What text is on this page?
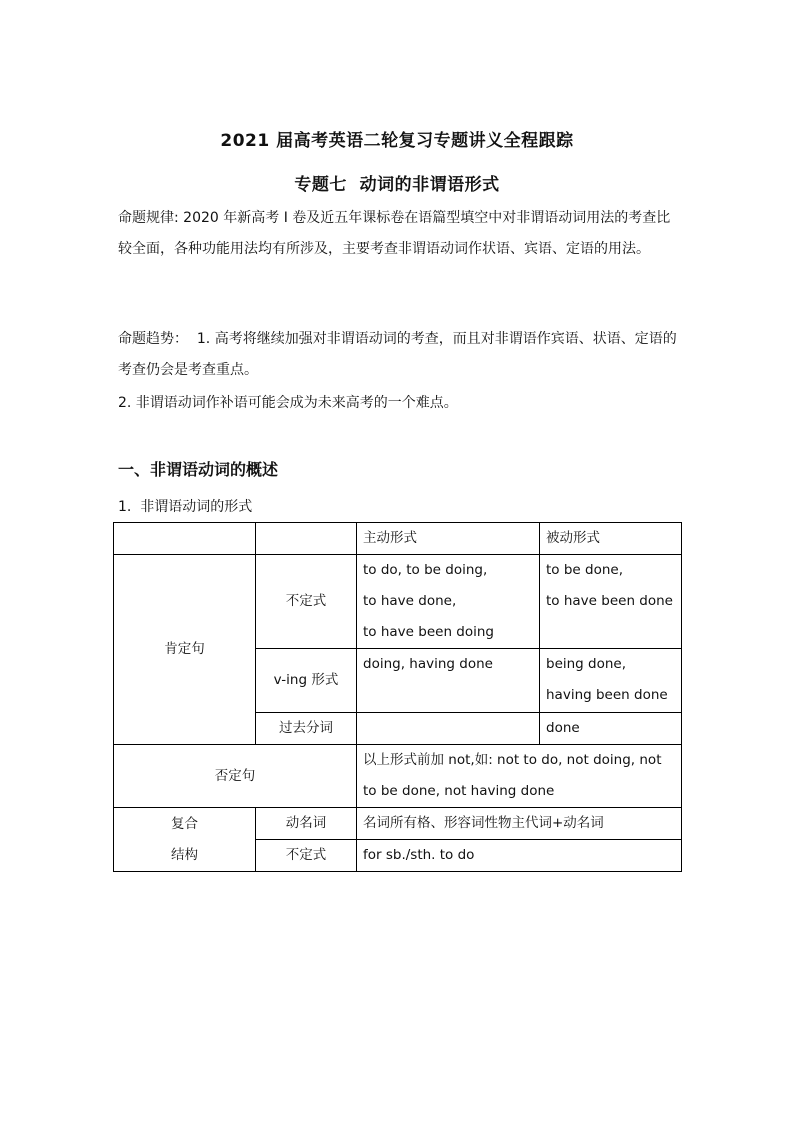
2021 届高考英语二轮复习专题讲义全程跟踪
专题七  动词的非谓语形式
命题规律: 2020 年新高考 I 卷及近五年课标卷在语篇型填空中对非谓语动词用法的考查比较全面，各种功能用法均有所涉及，主要考查非谓语动词作状语、宾语、定语的用法。
命题趋势：  1. 高考将继续加强对非谓语动词的考查，而且对非谓语作宾语、状语、定语的考查仍会是考查重点。
2. 非谓语动词作补语可能会成为未来高考的一个难点。
一、非谓语动词的概述
1.  非谓语动词的形式
		主动形式	被动形式
肯定句	不定式	to do, to be doing,
to have done,
to have been doing	to be done,
to have been done

	v-ing 形式	doing, having done	being done,
having been done

	过去分词		done
否定句		以上形式前加 not,如: not to do, not doing, not
to be done, not having done	

复合
结构	动名词	名词所有格、形容词性物主代词+动名词	
	不定式	for sb./sth. to do	
